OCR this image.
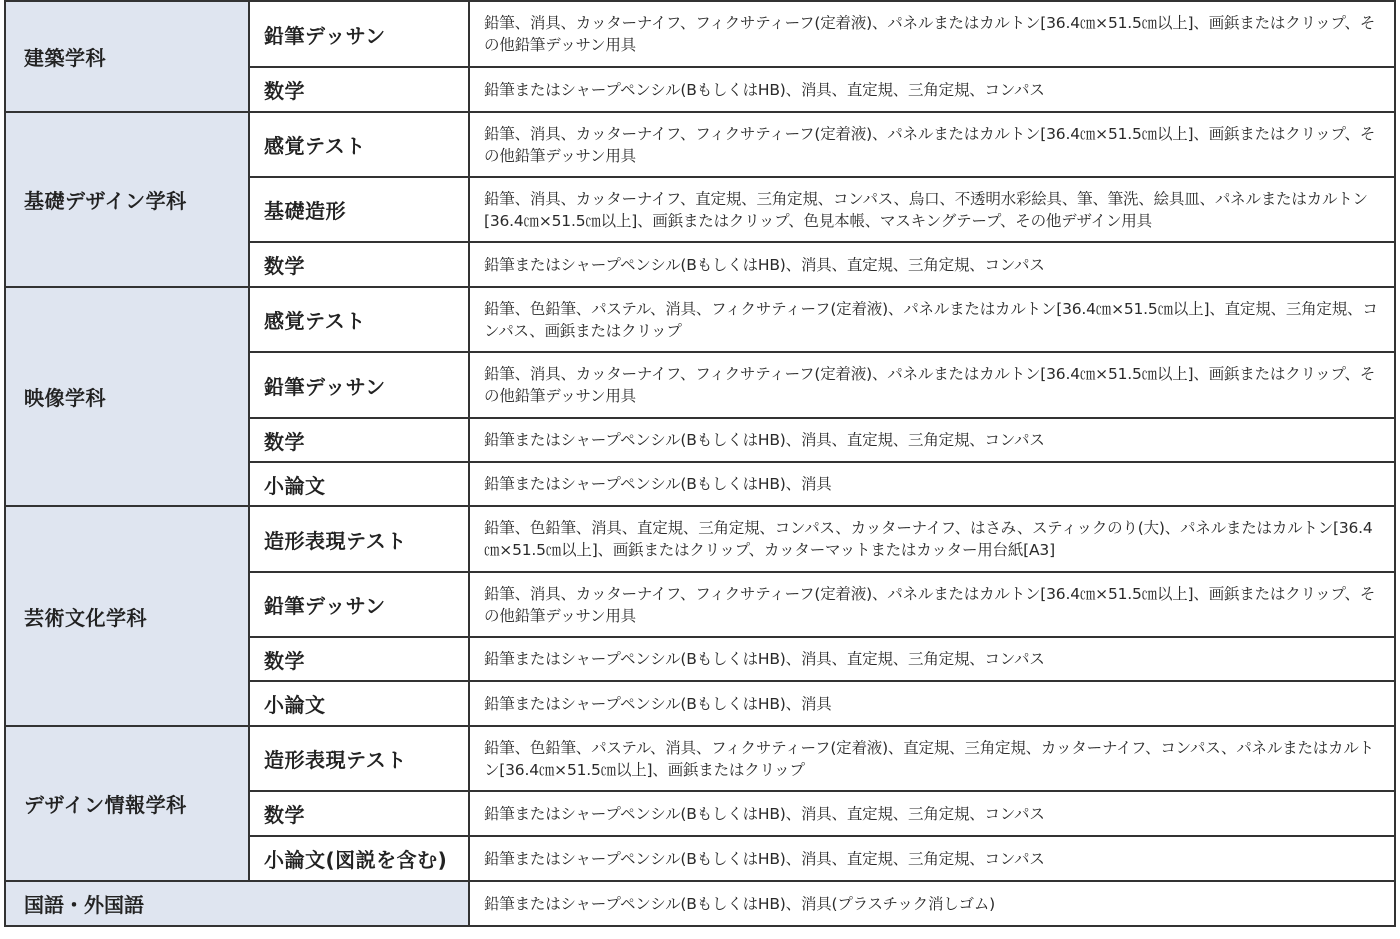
建築学科	鉛筆デッサン	鉛筆、消具、カッターナイフ、フィクサティーフ(定着液)、パネルまたはカルトン[36.4㎝×51.5㎝以上]、画鋲またはクリップ、その他鉛筆デッサン用具
	数学	鉛筆またはシャープペンシル(BもしくはHB)、消具、直定規、三角定規、コンパス
基礎デザイン学科	感覚テスト	鉛筆、消具、カッターナイフ、フィクサティーフ(定着液)、パネルまたはカルトン[36.4㎝×51.5㎝以上]、画鋲またはクリップ、その他鉛筆デッサン用具
	基礎造形	鉛筆、消具、カッターナイフ、直定規、三角定規、コンパス、烏口、不透明水彩絵具、筆、筆洗、絵具皿、パネルまたはカルトン[36.4㎝×51.5㎝以上]、画鋲またはクリップ、色見本帳、マスキングテープ、その他デザイン用具
	数学	鉛筆またはシャープペンシル(BもしくはHB)、消具、直定規、三角定規、コンパス
映像学科	感覚テスト	鉛筆、色鉛筆、パステル、消具、フィクサティーフ(定着液)、パネルまたはカルトン[36.4㎝×51.5㎝以上]、直定規、三角定規、コンパス、画鋲またはクリップ
	鉛筆デッサン	鉛筆、消具、カッターナイフ、フィクサティーフ(定着液)、パネルまたはカルトン[36.4㎝×51.5㎝以上]、画鋲またはクリップ、その他鉛筆デッサン用具
	数学	鉛筆またはシャープペンシル(BもしくはHB)、消具、直定規、三角定規、コンパス
	小論文	鉛筆またはシャープペンシル(BもしくはHB)、消具
芸術文化学科	造形表現テスト	鉛筆、色鉛筆、消具、直定規、三角定規、コンパス、カッターナイフ、はさみ、スティックのり(大)、パネルまたはカルトン[36.4㎝×51.5㎝以上]、画鋲またはクリップ、カッターマットまたはカッター用台紙[A3]
	鉛筆デッサン	鉛筆、消具、カッターナイフ、フィクサティーフ(定着液)、パネルまたはカルトン[36.4㎝×51.5㎝以上]、画鋲またはクリップ、その他鉛筆デッサン用具
	数学	鉛筆またはシャープペンシル(BもしくはHB)、消具、直定規、三角定規、コンパス
	小論文	鉛筆またはシャープペンシル(BもしくはHB)、消具
デザイン情報学科	造形表現テスト	鉛筆、色鉛筆、パステル、消具、フィクサティーフ(定着液)、直定規、三角定規、カッターナイフ、コンパス、パネルまたはカルトン[36.4㎝×51.5㎝以上]、画鋲またはクリップ
	数学	鉛筆またはシャープペンシル(BもしくはHB)、消具、直定規、三角定規、コンパス
	小論文(図説を含む)	鉛筆またはシャープペンシル(BもしくはHB)、消具、直定規、三角定規、コンパス
国語・外国語		鉛筆またはシャープペンシル(BもしくはHB)、消具(プラスチック消しゴム)
